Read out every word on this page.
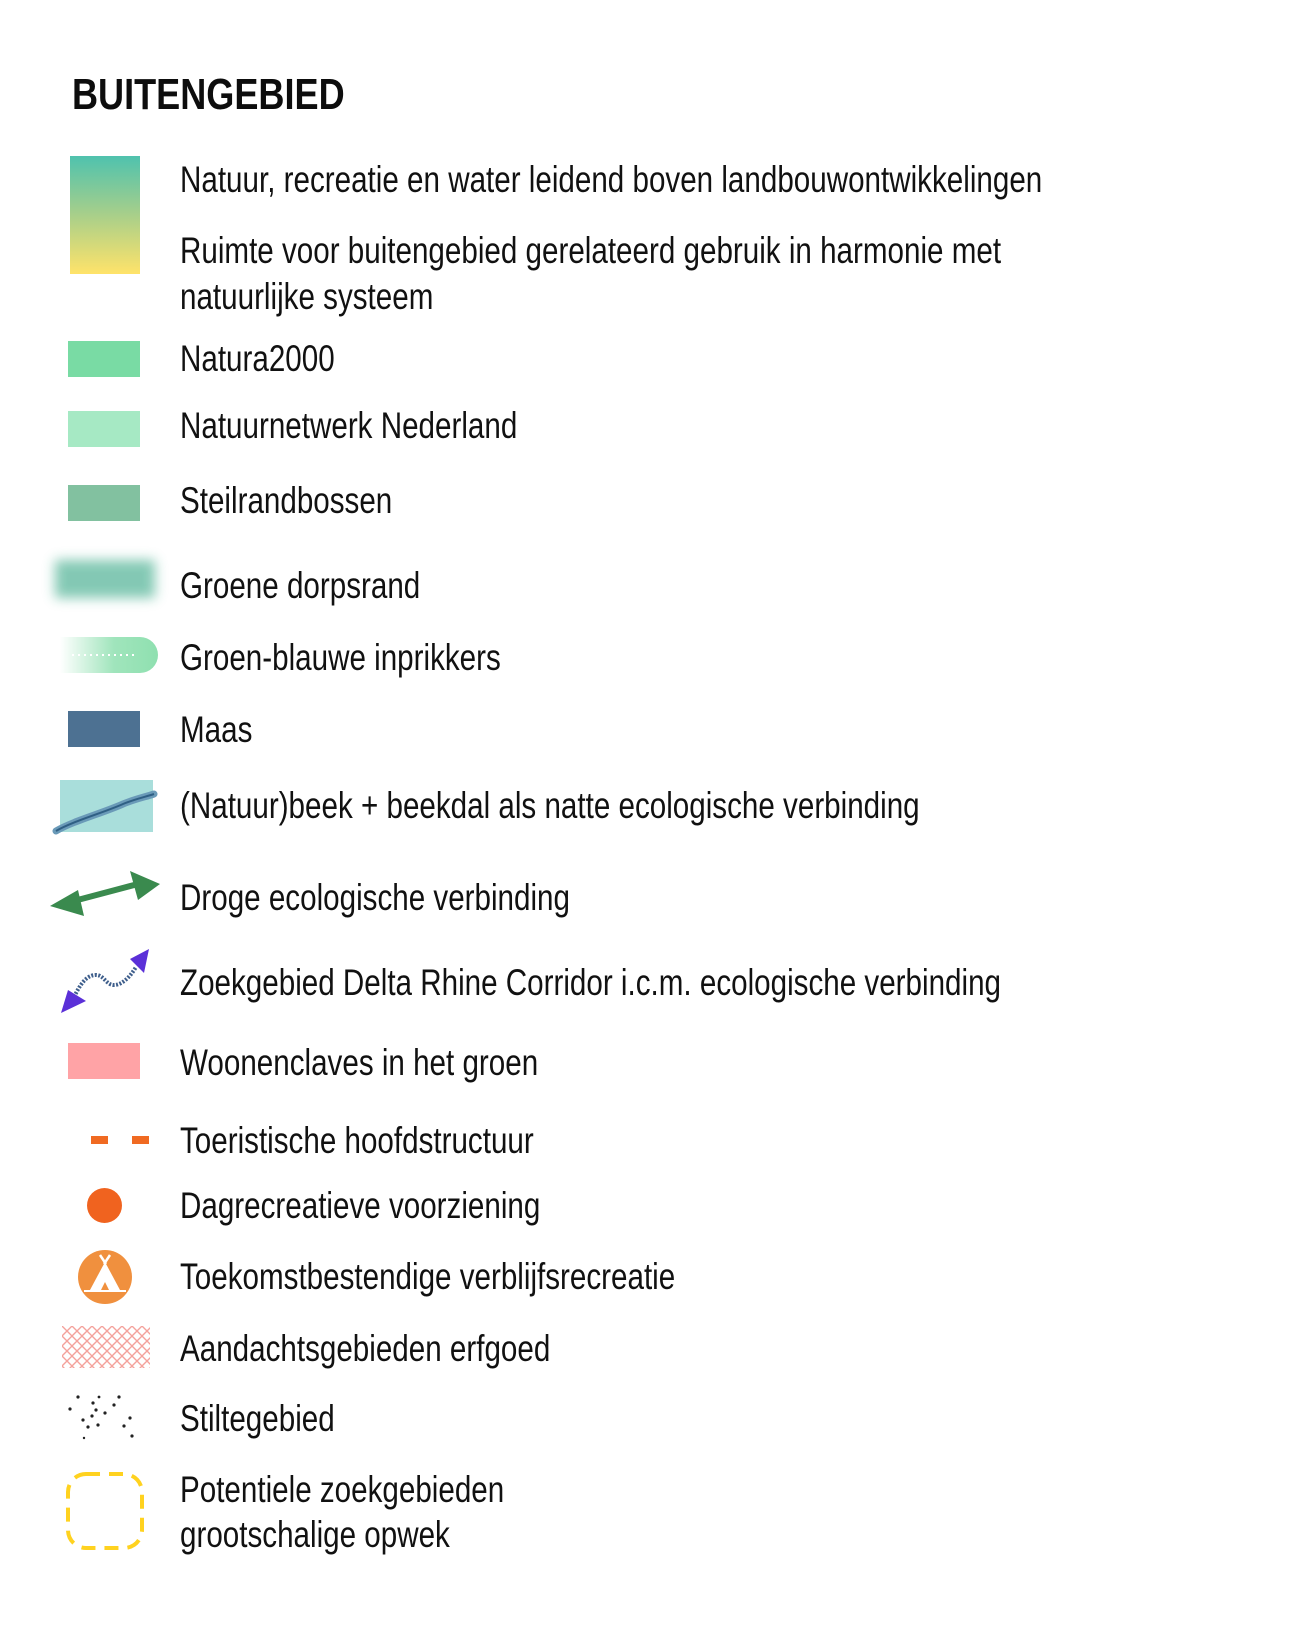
BUITENGEBIED
Natuur, recreatie en water leidend boven landbouwontwikkelingen
Ruimte voor buitengebied gerelateerd gebruik in harmonie met
natuurlijke systeem
Natura2000
Natuurnetwerk Nederland
Steilrandbossen
Groene dorpsrand
Groen-blauwe inprikkers
Maas
(Natuur)beek + beekdal als natte ecologische verbinding
Droge ecologische verbinding
Zoekgebied Delta Rhine Corridor i.c.m. ecologische verbinding
Woonenclaves in het groen
Toeristische hoofdstructuur
Dagrecreatieve voorziening
Toekomstbestendige verblijfsrecreatie
Aandachtsgebieden erfgoed
Stiltegebied
Potentiele zoekgebieden
grootschalige opwek
